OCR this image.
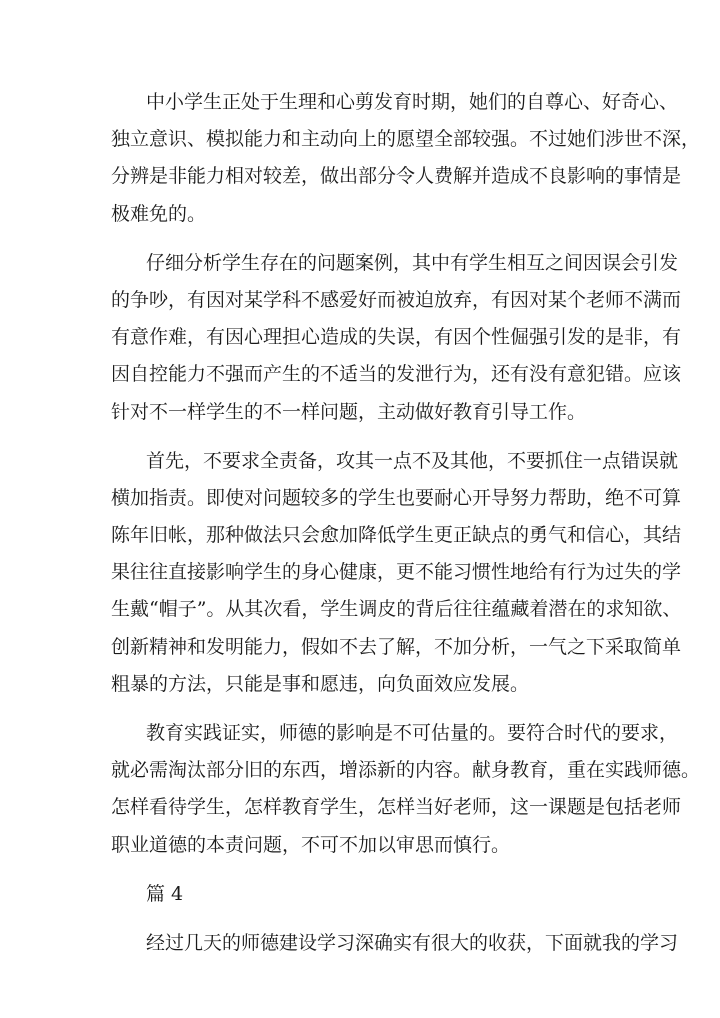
中小学生正处于生理和心剪发育时期，她们的自尊心、好奇心、
独立意识、模拟能力和主动向上的愿望全部较强。不过她们涉世不深，
分辨是非能力相对较差，做出部分令人费解并造成不良影响的事情是
极难免的。
仔细分析学生存在的问题案例，其中有学生相互之间因误会引发
的争吵，有因对某学科不感爱好而被迫放弃，有因对某个老师不满而
有意作难，有因心理担心造成的失误，有因个性倔强引发的是非，有
因自控能力不强而产生的不适当的发泄行为，还有没有意犯错。应该
针对不一样学生的不一样问题，主动做好教育引导工作。
首先，不要求全责备，攻其一点不及其他，不要抓住一点错误就
横加指责。即使对问题较多的学生也要耐心开导努力帮助，绝不可算
陈年旧帐，那种做法只会愈加降低学生更正缺点的勇气和信心，其结
果往往直接影响学生的身心健康，更不能习惯性地给有行为过失的学
生戴“帽子”。从其次看，学生调皮的背后往往蕴藏着潜在的求知欲、
创新精神和发明能力，假如不去了解，不加分析，一气之下采取简单
粗暴的方法，只能是事和愿违，向负面效应发展。
教育实践证实，师德的影响是不可估量的。要符合时代的要求，
就必需淘汰部分旧的东西，增添新的内容。献身教育，重在实践师德。
怎样看待学生，怎样教育学生，怎样当好老师，这一课题是包括老师
职业道德的本责问题，不可不加以审思而慎行。
篇 4
经过几天的师德建设学习深确实有很大的收获，下面就我的学习
